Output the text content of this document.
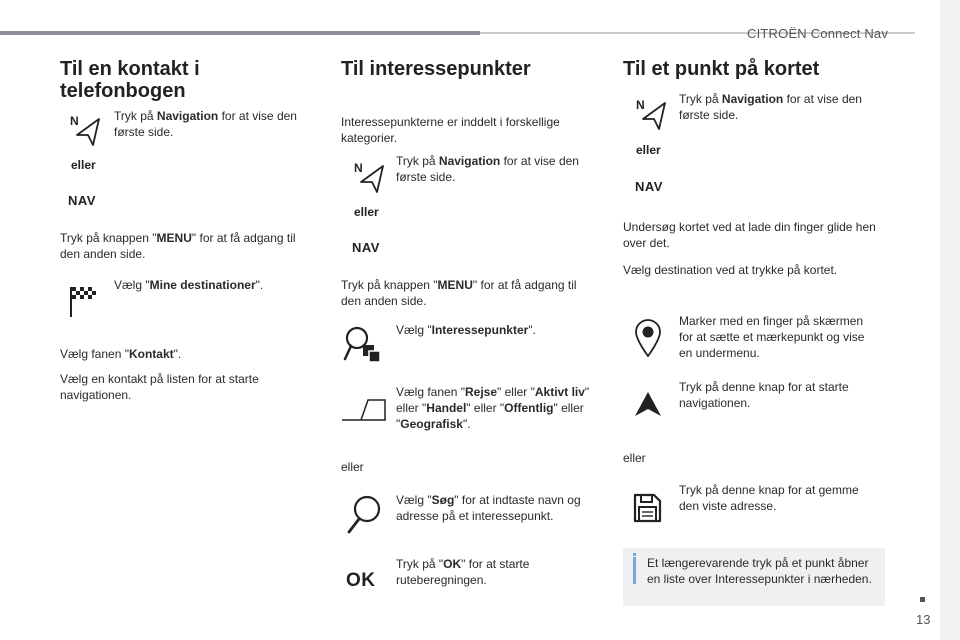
CITROËN Connect Nav
13
Til en kontakt i
telefonbogen
N	Tryk på Navigation for at vise den
første side.
eller
NAV
Tryk på knappen "MENU" for at få adgang til
den anden side.
Vælg "Mine destinationer".
Vælg fanen "Kontakt".
Vælg en kontakt på listen for at starte
navigationen.
Til interessepunkter
Interessepunkterne er inddelt i forskellige
kategorier.
N	Tryk på Navigation for at vise den
første side.
eller
NAV
Tryk på knappen "MENU" for at få adgang til
den anden side.
Vælg "Interessepunkter".
Vælg fanen "Rejse" eller "Aktivt liv"
eller "Handel" eller "Offentlig" eller
"Geografisk".
eller
Vælg "Søg" for at indtaste navn og
adresse på et interessepunkt.
OK
Tryk på "OK" for at starte
ruteberegningen.
Til et punkt på kortet
N	Tryk på Navigation for at vise den
første side.
eller
NAV
Undersøg kortet ved at lade din finger glide hen
over det.
Vælg destination ved at trykke på kortet.
Marker med en finger på skærmen
for at sætte et mærkepunkt og vise
en undermenu.
Tryk på denne knap for at starte
navigationen.
eller
Tryk på denne knap for at gemme
den viste adresse.
Et længerevarende tryk på et punkt åbner
en liste over Interessepunkter i nærheden.
